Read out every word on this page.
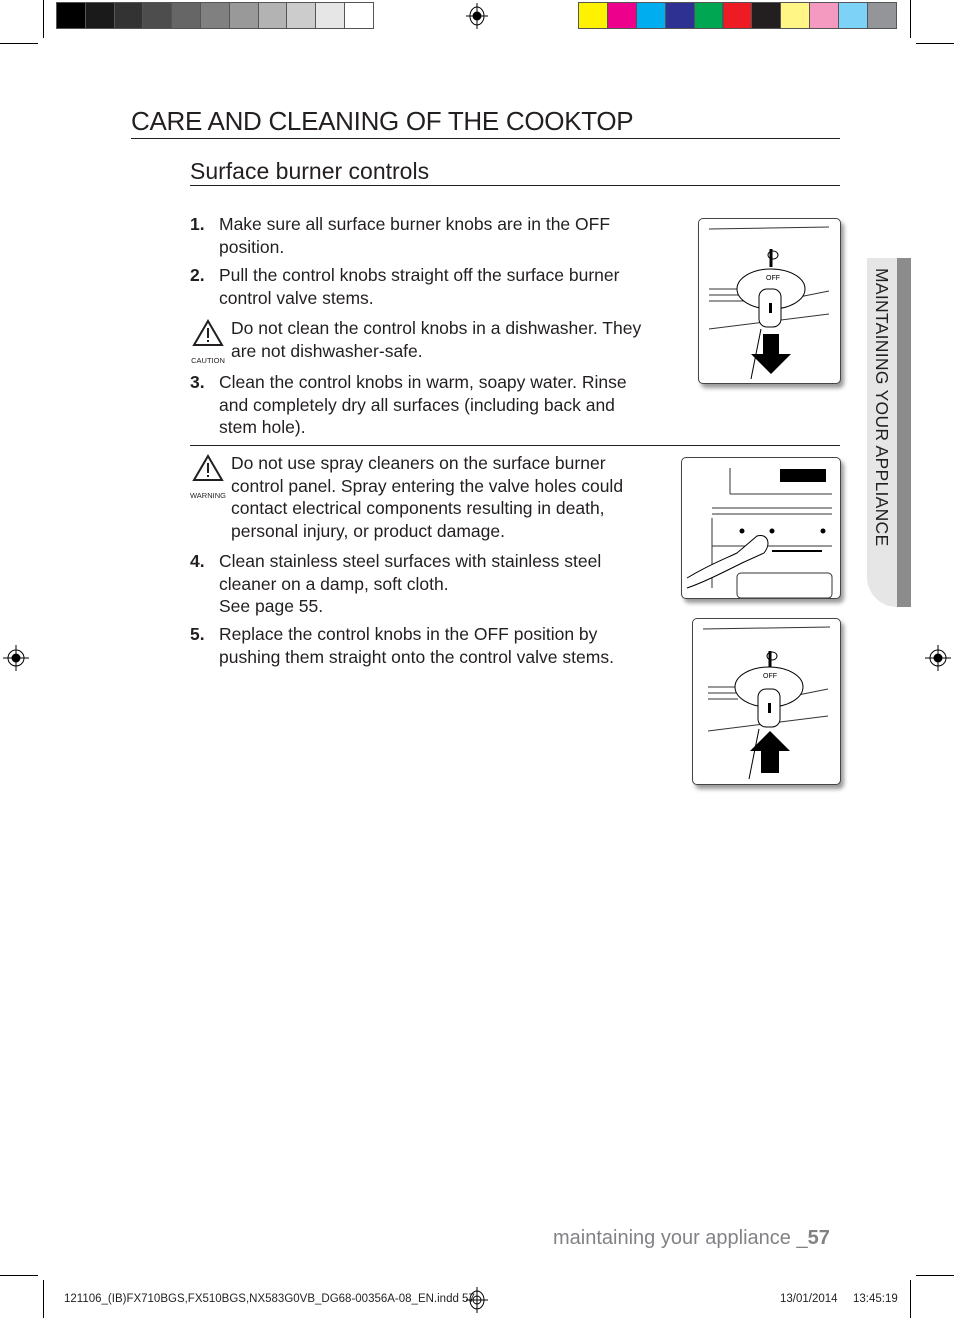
CARE AND CLEANING OF THE COOKTOP
Surface burner controls
1. Make sure all surface burner knobs are in the OFF position.
2. Pull the control knobs straight off the surface burner control valve stems.
CAUTION
Do not clean the control knobs in a dishwasher. They are not dishwasher-safe.
3. Clean the control knobs in warm, soapy water. Rinse and completely dry all surfaces (including back and stem hole).
WARNING
Do not use spray cleaners on the surface burner control panel. Spray entering the valve holes could contact electrical components resulting in death, personal injury, or product damage.
4. Clean stainless steel surfaces with stainless steel cleaner on a damp, soft cloth.
See page 55.
5. Replace the control knobs in the OFF position by pushing them straight onto the control valve stems.
OFF
OFF
MAINTAINING YOUR APPLIANCE
maintaining your appliance _57
121106_(IB)FX710BGS,FX510BGS,NX583G0VB_DG68-00356A-08_EN.indd 57	13/01/2014 13:45:19
